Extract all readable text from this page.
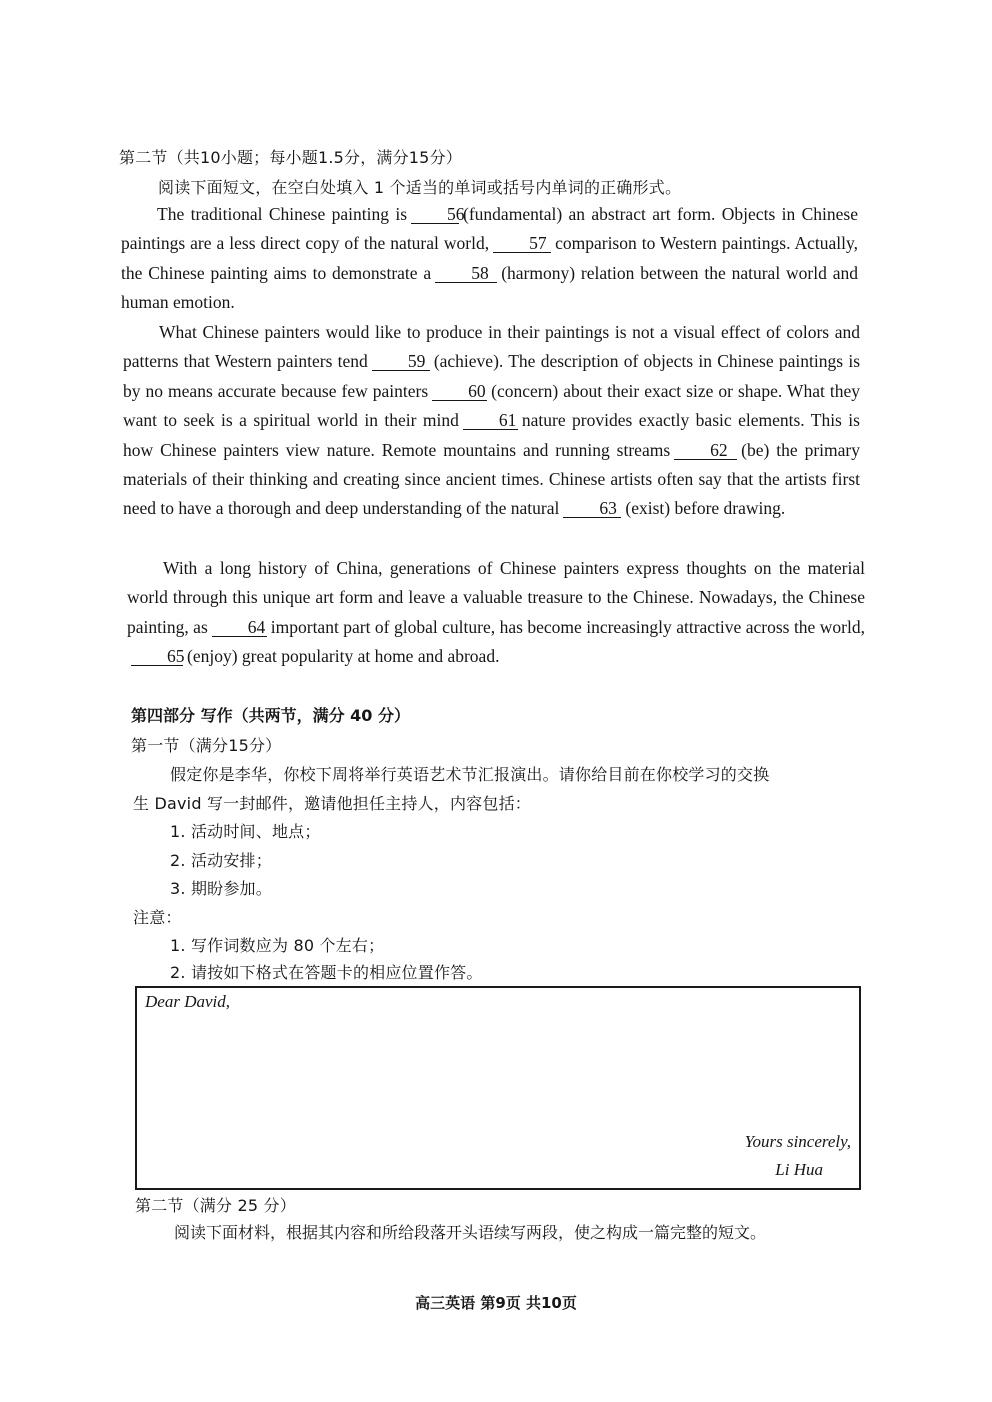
第二节（共10小题；每小题1.5分，满分15分）
阅读下面短文，在空白处填入 1 个适当的单词或括号内单词的正确形式。
The traditional Chinese painting is 56(fundamental) an abstract art form. Objects in Chinese paintings are a less direct copy of the natural world, 57 comparison to Western paintings. Actually, the Chinese painting aims to demonstrate a 58 (harmony) relation between the natural world and human emotion.
What Chinese painters would like to produce in their paintings is not a visual effect of colors and patterns that Western painters tend 59 (achieve). The description of objects in Chinese paintings is by no means accurate because few painters 60 (concern) about their exact size or shape. What they want to seek is a spiritual world in their mind 61 nature provides exactly basic elements. This is how Chinese painters view nature. Remote mountains and running streams 62 (be) the primary materials of their thinking and creating since ancient times. Chinese artists often say that the artists first need to have a thorough and deep understanding of the natural 63 (exist) before drawing.
With a long history of China, generations of Chinese painters express thoughts on the material world through this unique art form and leave a valuable treasure to the Chinese. Nowadays, the Chinese painting, as 64 important part of global culture, has become increasingly attractive across the world,65 (enjoy) great popularity at home and abroad.
第四部分 写作（共两节，满分 40 分）
第一节（满分15分）
假定你是李华，你校下周将举行英语艺术节汇报演出。请你给目前在你校学习的交换
生 David 写一封邮件，邀请他担任主持人，内容包括：
1. 活动时间、地点；
2. 活动安排；
3. 期盼参加。
注意：
1. 写作词数应为 80 个左右；
2. 请按如下格式在答题卡的相应位置作答。
Dear David,
Yours sincerely,
Li Hua
第二节（满分 25 分）
阅读下面材料，根据其内容和所给段落开头语续写两段，使之构成一篇完整的短文。
高三英语 第9页 共10页
